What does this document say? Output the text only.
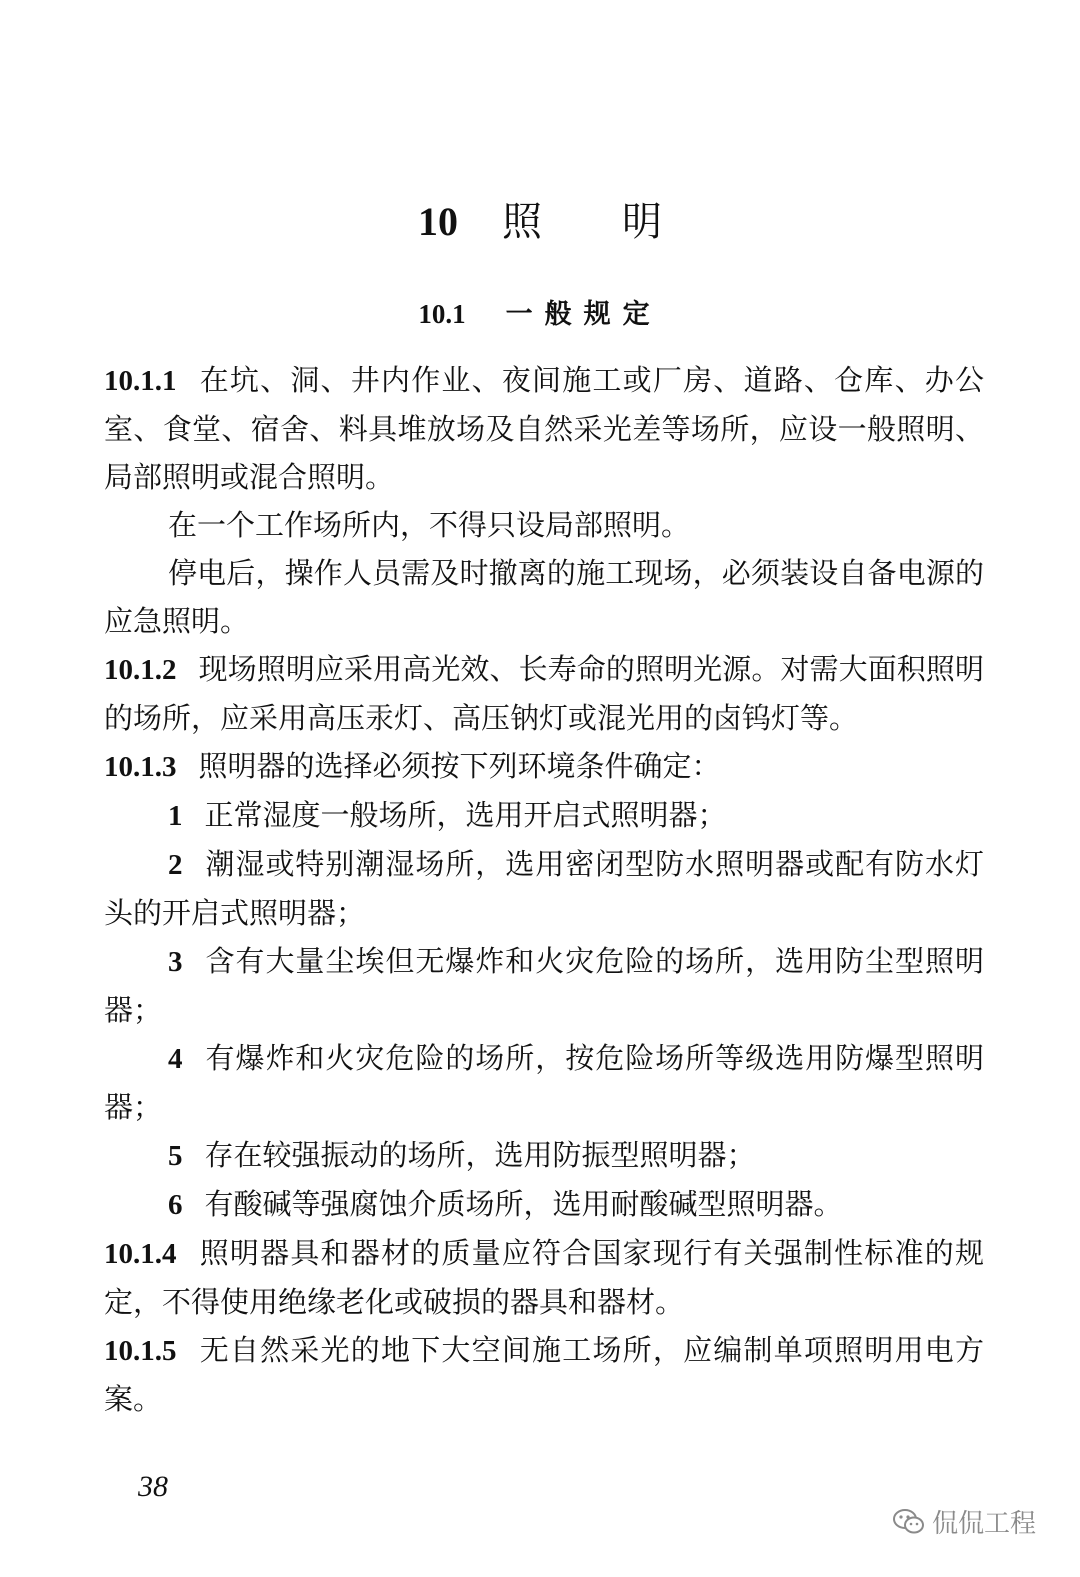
10 照 明
10.1 一般规定

10.1.1 在坑、洞、井内作业、夜间施工或厂房、道路、仓库、办公室、食堂、宿舍、料具堆放场及自然采光差等场所，应设一般照明、局部照明或混合照明。

在一个工作场所内，不得只设局部照明。

停电后，操作人员需及时撤离的施工现场，必须装设自备电源的应急照明。

10.1.2 现场照明应采用高光效、长寿命的照明光源。对需大面积照明的场所，应采用高压汞灯、高压钠灯或混光用的卤钨灯等。

10.1.3 照明器的选择必须按下列环境条件确定：

1 正常湿度一般场所，选用开启式照明器；

2 潮湿或特别潮湿场所，选用密闭型防水照明器或配有防水灯头的开启式照明器；

3 含有大量尘埃但无爆炸和火灾危险的场所，选用防尘型照明器；

4 有爆炸和火灾危险的场所，按危险场所等级选用防爆型照明器；

5 存在较强振动的场所，选用防振型照明器；

6 有酸碱等强腐蚀介质场所，选用耐酸碱型照明器。

10.1.4 照明器具和器材的质量应符合国家现行有关强制性标准的规定，不得使用绝缘老化或破损的器具和器材。

10.1.5 无自然采光的地下大空间施工场所，应编制单项照明用电方案。

38
侃侃工程
